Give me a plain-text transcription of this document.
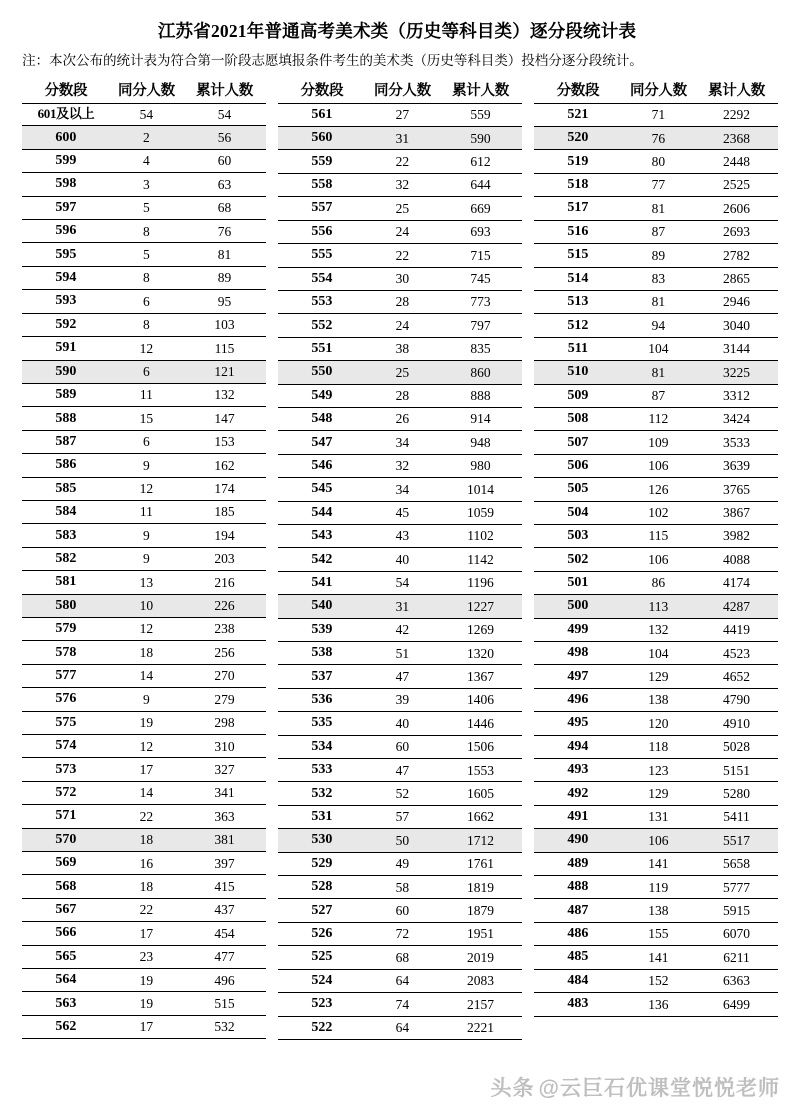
江苏省2021年普通高考美术类（历史等科目类）逐分段统计表
注：本次公布的统计表为符合第一阶段志愿填报条件考生的美术类（历史等科目类）投档分逐分段统计。
分数段	同分人数	累计人数
601及以上	54	54
600	2	56
599	4	60
598	3	63
597	5	68
596	8	76
595	5	81
594	8	89
593	6	95
592	8	103
591	12	115
590	6	121
589	11	132
588	15	147
587	6	153
586	9	162
585	12	174
584	11	185
583	9	194
582	9	203
581	13	216
580	10	226
579	12	238
578	18	256
577	14	270
576	9	279
575	19	298
574	12	310
573	17	327
572	14	341
571	22	363
570	18	381
569	16	397
568	18	415
567	22	437
566	17	454
565	23	477
564	19	496
563	19	515
562	17	532
分数段	同分人数	累计人数
561	27	559
560	31	590
559	22	612
558	32	644
557	25	669
556	24	693
555	22	715
554	30	745
553	28	773
552	24	797
551	38	835
550	25	860
549	28	888
548	26	914
547	34	948
546	32	980
545	34	1014
544	45	1059
543	43	1102
542	40	1142
541	54	1196
540	31	1227
539	42	1269
538	51	1320
537	47	1367
536	39	1406
535	40	1446
534	60	1506
533	47	1553
532	52	1605
531	57	1662
530	50	1712
529	49	1761
528	58	1819
527	60	1879
526	72	1951
525	68	2019
524	64	2083
523	74	2157
522	64	2221
分数段	同分人数	累计人数
521	71	2292
520	76	2368
519	80	2448
518	77	2525
517	81	2606
516	87	2693
515	89	2782
514	83	2865
513	81	2946
512	94	3040
511	104	3144
510	81	3225
509	87	3312
508	112	3424
507	109	3533
506	106	3639
505	126	3765
504	102	3867
503	115	3982
502	106	4088
501	86	4174
500	113	4287
499	132	4419
498	104	4523
497	129	4652
496	138	4790
495	120	4910
494	118	5028
493	123	5151
492	129	5280
491	131	5411
490	106	5517
489	141	5658
488	119	5777
487	138	5915
486	155	6070
485	141	6211
484	152	6363
483	136	6499
头条 @云巨石优课堂悦悦老师
